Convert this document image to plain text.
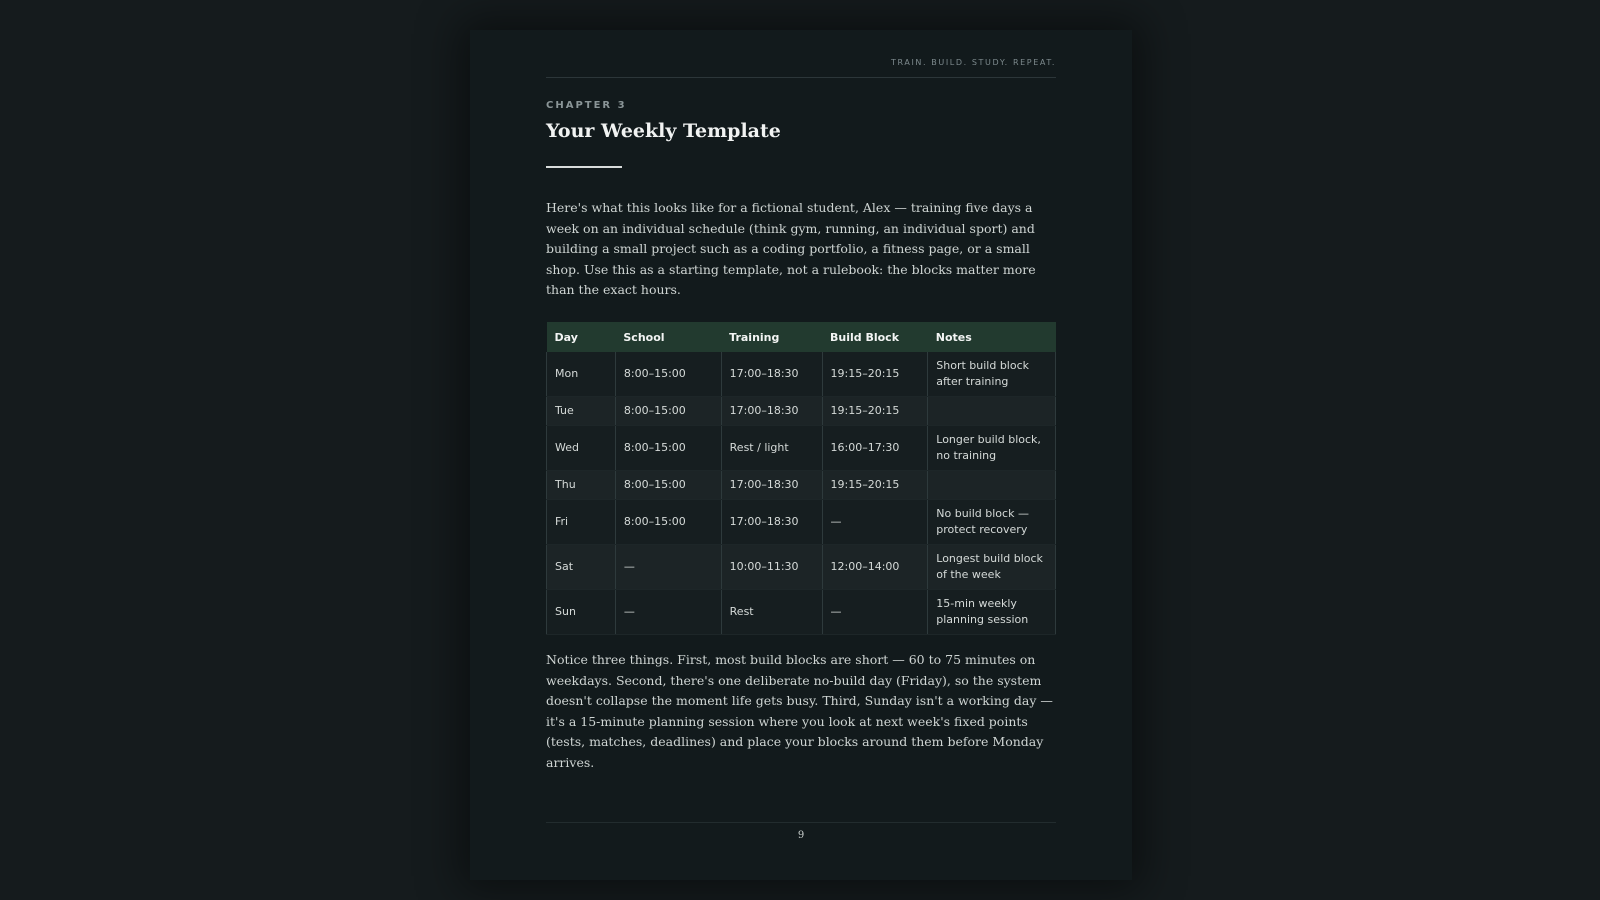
TRAIN. BUILD. STUDY. REPEAT.
CHAPTER 3
Your Weekly Template

Here's what this looks like for a fictional student, Alex — training five days a week on an individual schedule (think gym, running, an individual sport) and building a small project such as a coding portfolio, a fitness page, or a small shop. Use this as a starting template, not a rulebook: the blocks matter more than the exact hours.

Day	School	Training	Build Block	Notes
Mon	8:00–15:00	17:00–18:30	19:15–20:15	Short build block after training
Tue	8:00–15:00	17:00–18:30	19:15–20:15	
Wed	8:00–15:00	Rest / light	16:00–17:30	Longer build block, no training
Thu	8:00–15:00	17:00–18:30	19:15–20:15	
Fri	8:00–15:00	17:00–18:30	—	No build block — protect recovery
Sat	—	10:00–11:30	12:00–14:00	Longest build block of the week
Sun	—	Rest	—	15-min weekly planning session

Notice three things. First, most build blocks are short — 60 to 75 minutes on weekdays. Second, there's one deliberate no-build day (Friday), so the system doesn't collapse the moment life gets busy. Third, Sunday isn't a working day — it's a 15-minute planning session where you look at next week's fixed points (tests, matches, deadlines) and place your blocks around them before Monday arrives.

9
